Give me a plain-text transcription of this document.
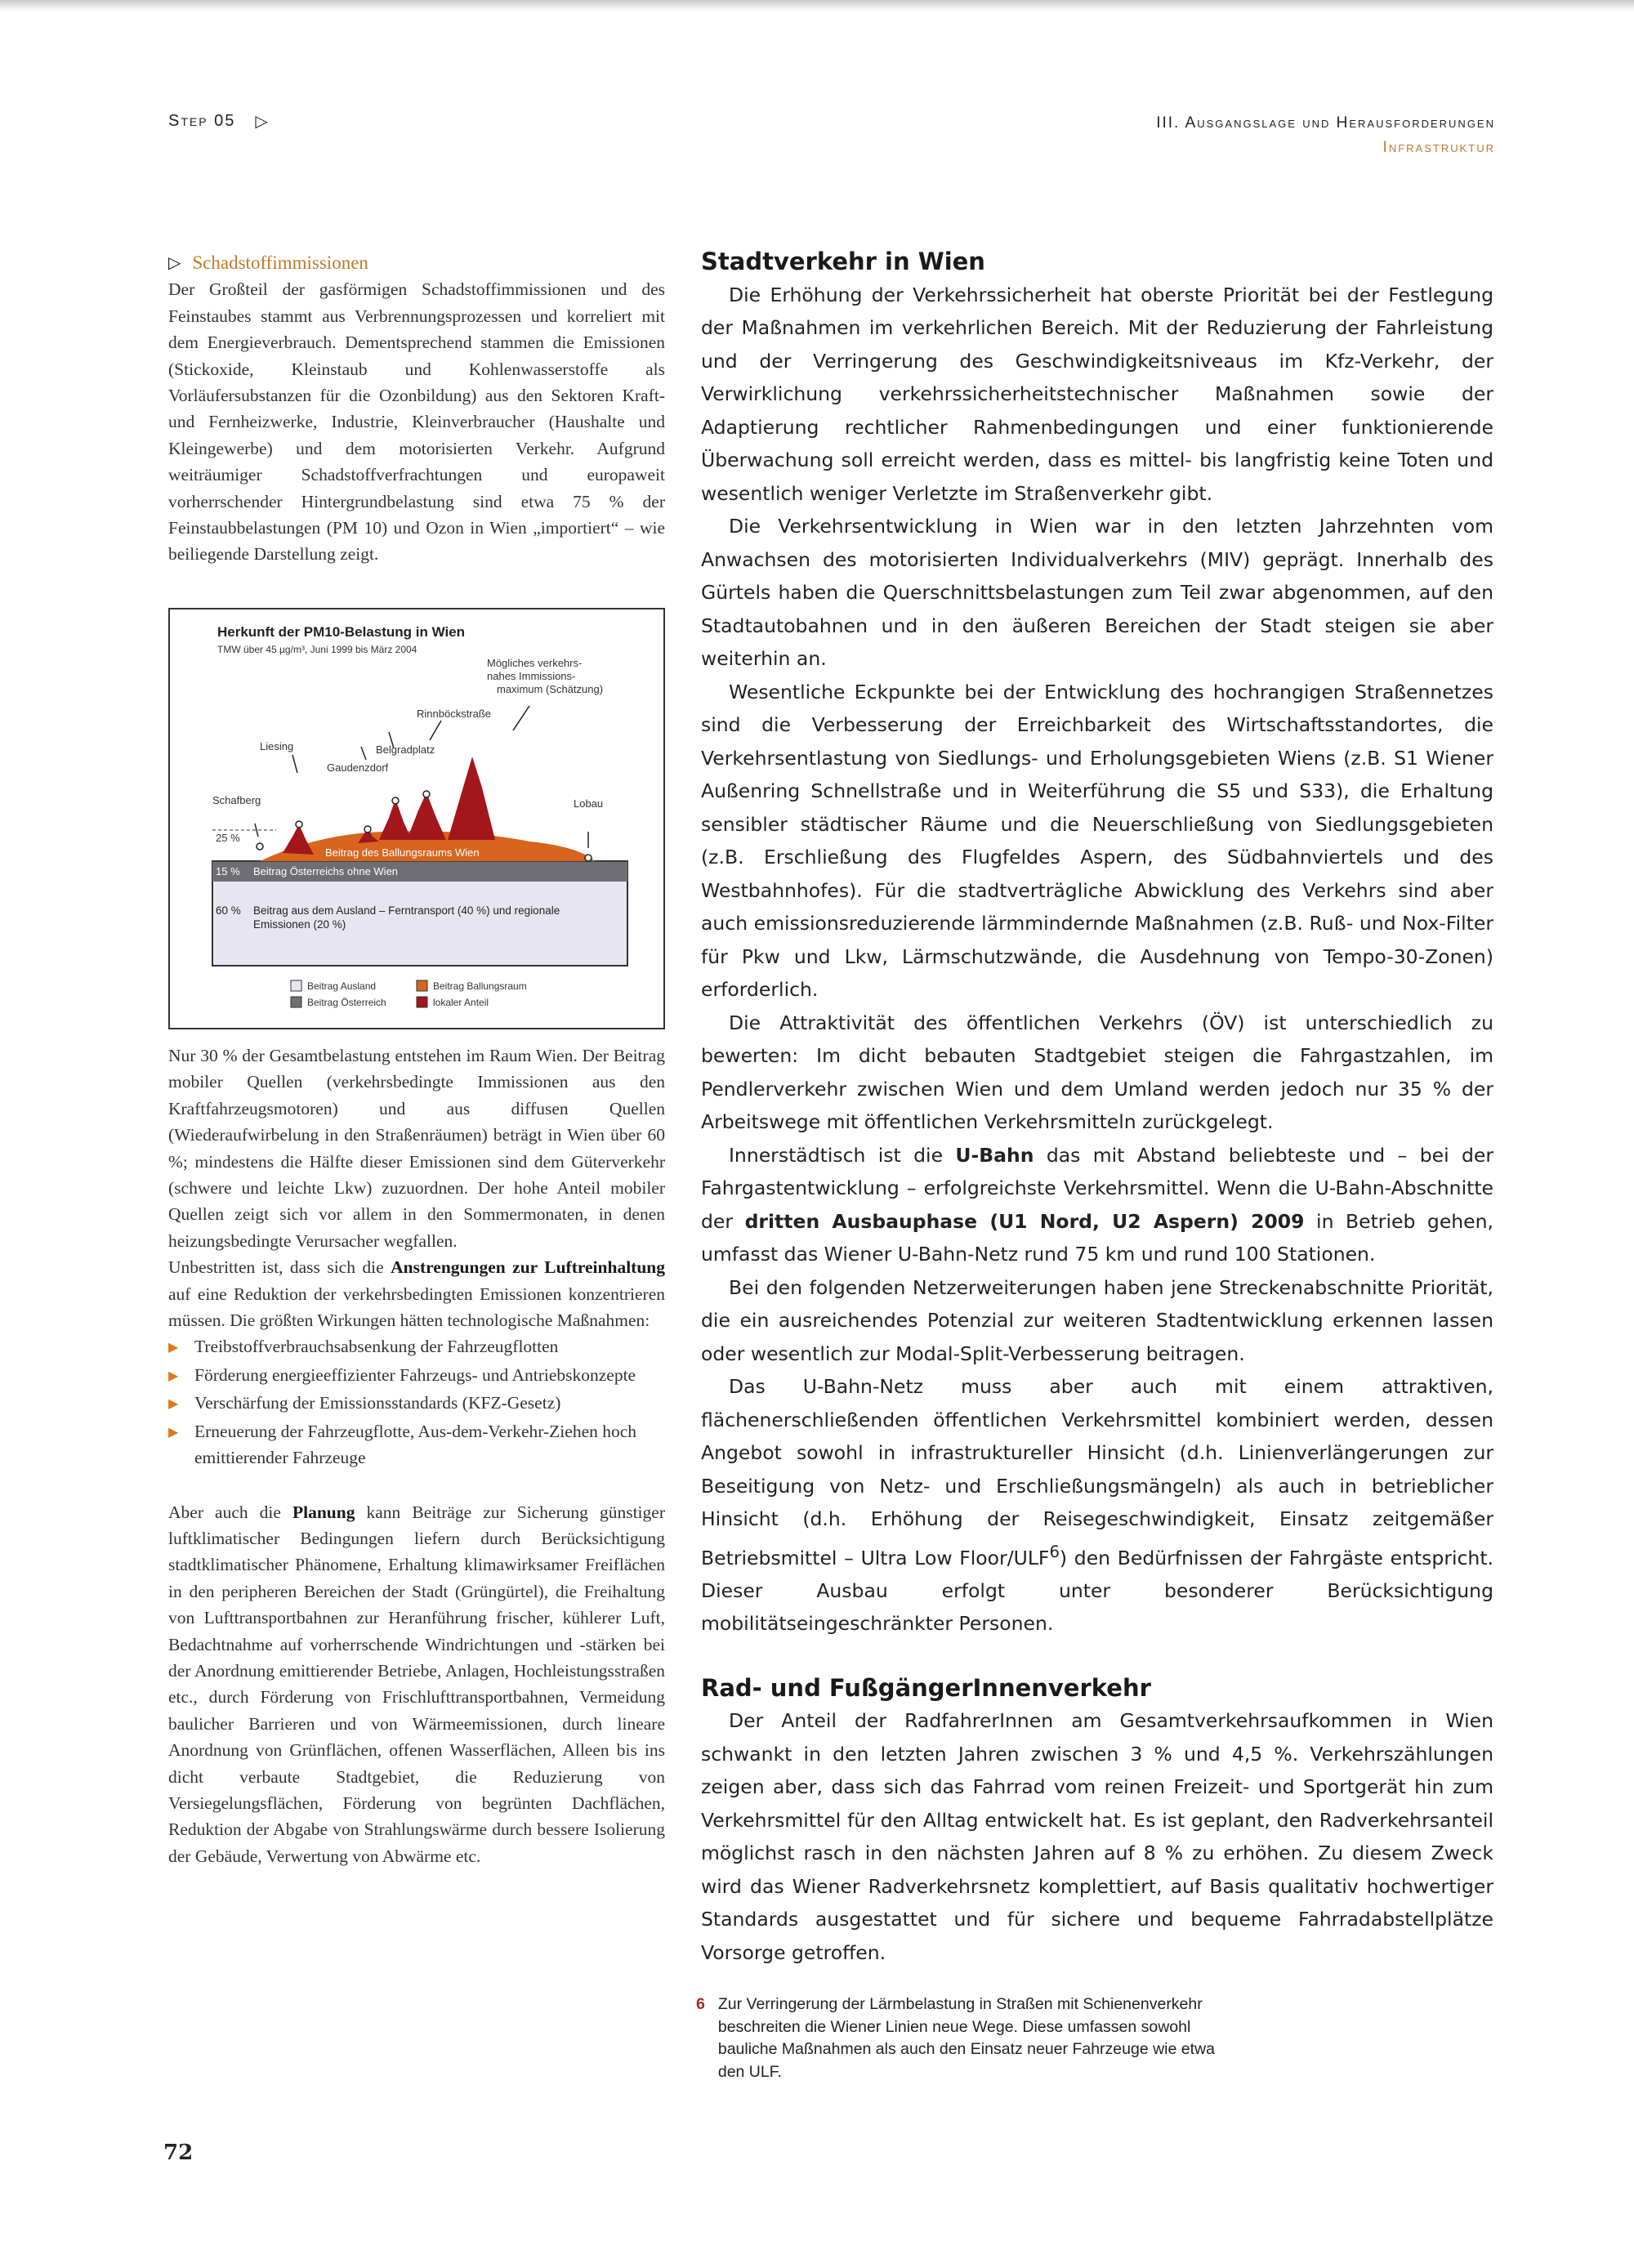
Step 05 ▷	III. Ausgangslage und Herausforderungen
Infrastruktur
▷ Schadstoffimmissionen

Der Großteil der gasförmigen Schadstoffimmissionen und des Feinstaubes stammt aus Verbrennungsprozessen und korreliert mit dem Energieverbrauch. Dementsprechend stammen die Emissionen (Stickoxide, Kleinstaub und Kohlenwasserstoffe als Vorläufersubstanzen für die Ozonbildung) aus den Sektoren Kraft- und Fernheizwerke, Industrie, Kleinverbraucher (Haushalte und Kleingewerbe) und dem motorisierten Verkehr. Aufgrund weiträumiger Schadstoffverfrachtungen und europaweit vorherrschender Hintergrundbelastung sind etwa 75 % der Feinstaubbelastungen (PM 10) und Ozon in Wien „importiert“ – wie beiliegende Darstellung zeigt.

Herkunft der PM10-Belastung in Wien
TMW über 45 µg/m³, Juni 1999 bis März 2004
Mögliches verkehrs-
nahes Immissions-
maximum (Schätzung)
Rinnböckstraße
Belgradplatz
Gaudenzdorf
Liesing
Schafberg	Lobau
25 %
Beitrag des Ballungsraums Wien
15 % Beitrag Österreichs ohne Wien
60 % Beitrag aus dem Ausland – Ferntransport (40 %) und regionale
Emissionen (20 %)
Beitrag Ausland	Beitrag Ballungsraum
Beitrag Österreich	lokaler Anteil

Nur 30 % der Gesamtbelastung entstehen im Raum Wien. Der Beitrag mobiler Quellen (verkehrsbedingte Immissionen aus den Kraftfahrzeugsmotoren) und aus diffusen Quellen (Wiederaufwirbelung in den Straßenräumen) beträgt in Wien über 60 %; mindestens die Hälfte dieser Emissionen sind dem Güterverkehr (schwere und leichte Lkw) zuzuordnen. Der hohe Anteil mobiler Quellen zeigt sich vor allem in den Sommermonaten, in denen heizungsbedingte Verursacher wegfallen.

Unbestritten ist, dass sich die Anstrengungen zur Luftreinhaltung auf eine Reduktion der verkehrsbedingten Emissionen konzentrieren müssen. Die größten Wirkungen hätten technologische Maßnahmen:

▶ Treibstoffverbrauchsabsenkung der Fahrzeugflotten
▶ Förderung energieeffizienter Fahrzeugs- und Antriebskonzepte
▶ Verschärfung der Emissionsstandards (KFZ-Gesetz)
▶ Erneuerung der Fahrzeugflotte, Aus-dem-Verkehr-Ziehen hoch emittierender Fahrzeuge

Aber auch die Planung kann Beiträge zur Sicherung günstiger luftklimatischer Bedingungen liefern durch Berücksichtigung stadtklimatischer Phänomene, Erhaltung klimawirksamer Freiflächen in den peripheren Bereichen der Stadt (Grüngürtel), die Freihaltung von Lufttransportbahnen zur Heranführung frischer, kühlerer Luft, Bedachtnahme auf vorherrschende Windrichtungen und -stärken bei der Anordnung emittierender Betriebe, Anlagen, Hochleistungsstraßen etc., durch Förderung von Frischlufttransportbahnen, Vermeidung baulicher Barrieren und von Wärmeemissionen, durch lineare Anordnung von Grünflächen, offenen Wasserflächen, Alleen bis ins dicht verbaute Stadtgebiet, die Reduzierung von Versiegelungsflächen, Förderung von begrünten Dachflächen, Reduktion der Abgabe von Strahlungswärme durch bessere Isolierung der Gebäude, Verwertung von Abwärme etc.

Stadtverkehr in Wien

Die Erhöhung der Verkehrssicherheit hat oberste Priorität bei der Festlegung der Maßnahmen im verkehrlichen Bereich. Mit der Reduzierung der Fahrleistung und der Verringerung des Geschwindigkeitsniveaus im Kfz-Verkehr, der Verwirklichung verkehrssicherheitstechnischer Maßnahmen sowie der Adaptierung rechtlicher Rahmenbedingungen und einer funktionierende Überwachung soll erreicht werden, dass es mittel- bis langfristig keine Toten und wesentlich weniger Verletzte im Straßenverkehr gibt.

Die Verkehrsentwicklung in Wien war in den letzten Jahrzehnten vom Anwachsen des motorisierten Individualverkehrs (MIV) geprägt. Innerhalb des Gürtels haben die Querschnittsbelastungen zum Teil zwar abgenommen, auf den Stadtautobahnen und in den äußeren Bereichen der Stadt steigen sie aber weiterhin an.

Wesentliche Eckpunkte bei der Entwicklung des hochrangigen Straßennetzes sind die Verbesserung der Erreichbarkeit des Wirtschaftsstandortes, die Verkehrsentlastung von Siedlungs- und Erholungsgebieten Wiens (z.B. S1 Wiener Außenring Schnellstraße und in Weiterführung die S5 und S33), die Erhaltung sensibler städtischer Räume und die Neuerschließung von Siedlungsgebieten (z.B. Erschließung des Flugfeldes Aspern, des Südbahnviertels und des Westbahnhofes). Für die stadtverträgliche Abwicklung des Verkehrs sind aber auch emissionsreduzierende lärmmindernde Maßnahmen (z.B. Ruß- und Nox-Filter für Pkw und Lkw, Lärmschutzwände, die Ausdehnung von Tempo-30-Zonen) erforderlich.

Die Attraktivität des öffentlichen Verkehrs (ÖV) ist unterschiedlich zu bewerten: Im dicht bebauten Stadtgebiet steigen die Fahrgastzahlen, im Pendlerverkehr zwischen Wien und dem Umland werden jedoch nur 35 % der Arbeitswege mit öffentlichen Verkehrsmitteln zurückgelegt.

Innerstädtisch ist die U-Bahn das mit Abstand beliebteste und – bei der Fahrgastentwicklung – erfolgreichste Verkehrsmittel. Wenn die U-Bahn-Abschnitte der dritten Ausbauphase (U1 Nord, U2 Aspern) 2009 in Betrieb gehen, umfasst das Wiener U-Bahn-Netz rund 75 km und rund 100 Stationen.

Bei den folgenden Netzerweiterungen haben jene Streckenabschnitte Priorität, die ein ausreichendes Potenzial zur weiteren Stadtentwicklung erkennen lassen oder wesentlich zur Modal-Split-Verbesserung beitragen.

Das U-Bahn-Netz muss aber auch mit einem attraktiven, flächenerschließenden öffentlichen Verkehrsmittel kombiniert werden, dessen Angebot sowohl in infrastruktureller Hinsicht (d.h. Linienverlängerungen zur Beseitigung von Netz- und Erschließungsmängeln) als auch in betrieblicher Hinsicht (d.h. Erhöhung der Reisegeschwindigkeit, Einsatz zeitgemäßer Betriebsmittel – Ultra Low Floor/ULF$^6$) den Bedürfnissen der Fahrgäste entspricht. Dieser Ausbau erfolgt unter besonderer Berücksichtigung mobilitätseingeschränkter Personen.

Rad- und FußgängerInnenverkehr

Der Anteil der RadfahrerInnen am Gesamtverkehrsaufkommen in Wien schwankt in den letzten Jahren zwischen 3 % und 4,5 %. Verkehrszählungen zeigen aber, dass sich das Fahrrad vom reinen Freizeit- und Sportgerät hin zum Verkehrsmittel für den Alltag entwickelt hat. Es ist geplant, den Radverkehrsanteil möglichst rasch in den nächsten Jahren auf 8 % zu erhöhen. Zu diesem Zweck wird das Wiener Radverkehrsnetz komplettiert, auf Basis qualitativ hochwertiger Standards ausgestattet und für sichere und bequeme Fahrradabstellplätze Vorsorge getroffen.

6 Zur Verringerung der Lärmbelastung in Straßen mit Schienenverkehr beschreiten die Wiener Linien neue Wege. Diese umfassen sowohl bauliche Maßnahmen als auch den Einsatz neuer Fahrzeuge wie etwa den ULF.
72
